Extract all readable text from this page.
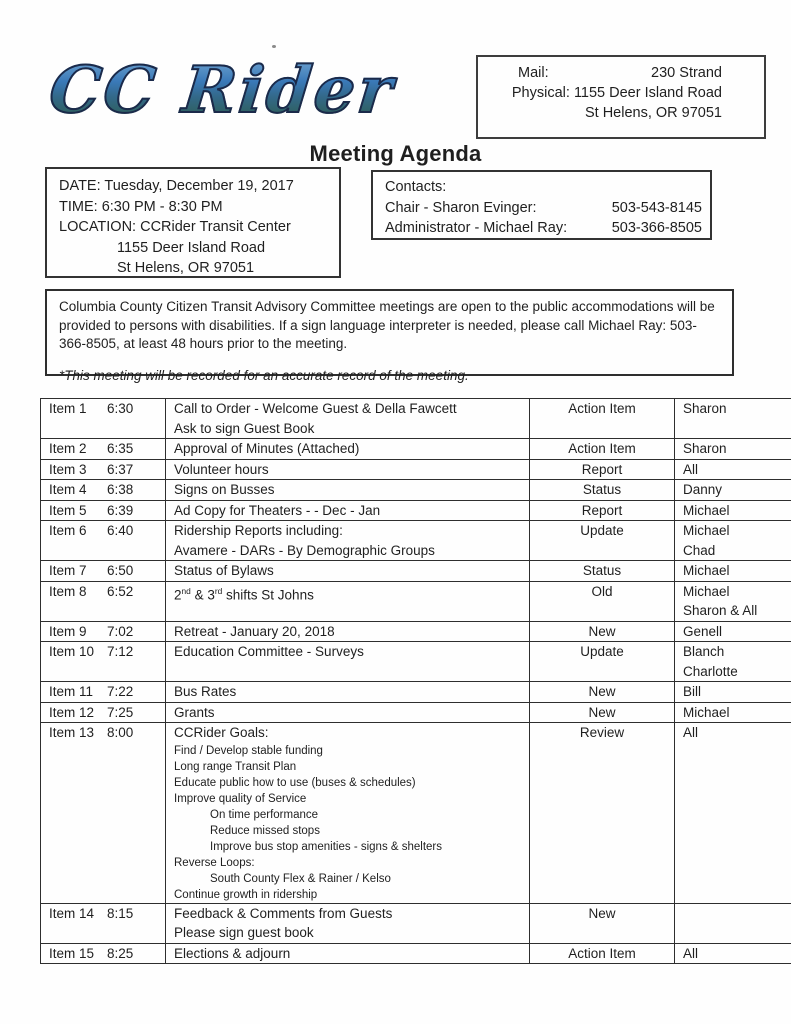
CC Rider	Mail:	230 Strand
Physical: 1155 Deer Island Road
St Helens, OR 97051
Meeting Agenda
DATE: Tuesday, December 19, 2017
TIME: 6:30 PM - 8:30 PM
LOCATION: CCRider Transit Center
1155 Deer Island Road
St Helens, OR 97051
Contacts:
Chair - Sharon Evinger:	503-543-8145
Administrator - Michael Ray:	503-366-8505
Columbia County Citizen Transit Advisory Committee meetings are open to the public accommodations will be provided to persons with disabilities. If a sign language interpreter is needed, please call Michael Ray: 503-366-8505, at least 48 hours prior to the meeting.
*This meeting will be recorded for an accurate record of the meeting.
Item 1 6:30	Call to Order - Welcome Guest & Della Fawcett
Ask to sign Guest Book	Action Item	Sharon

Item 2 6:35	Approval of Minutes (Attached)	Action Item	Sharon

Item 3 6:37	Volunteer hours	Report	All

Item 4 6:38	Signs on Busses	Status	Danny

Item 5 6:39	Ad Copy for Theaters - - Dec - Jan	Report	Michael

Item 6 6:40	Ridership Reports including:
Avamere - DARs - By Demographic Groups
	Update	Michael
Chad

Item 7 6:50	Status of Bylaws	Status	Michael

Item 8 6:52	2nd & 3rd shifts St Johns	Old	Michael
Sharon & All

Item 9 7:02	Retreat - January 20, 2018	New	Genell

Item 10 7:12	Education Committee - Surveys	Update	Blanch
Charlotte

Item 11 7:22	Bus Rates	New	Bill

Item 12 7:25	Grants	New	Michael

Item 13 8:00	CCRider Goals:
Find / Develop stable funding
Long range Transit Plan
Educate public how to use (buses & schedules)
Improve quality of Service
On time performance
Reduce missed stops
Improve bus stop amenities - signs & shelters
Reverse Loops:
South County Flex & Rainer / Kelso
Continue growth in ridership
	Review	All

Item 14 8:15	Feedback & Comments from Guests
Please sign guest book	New	
Item 15 8:25	Elections & adjourn	Action Item	All
